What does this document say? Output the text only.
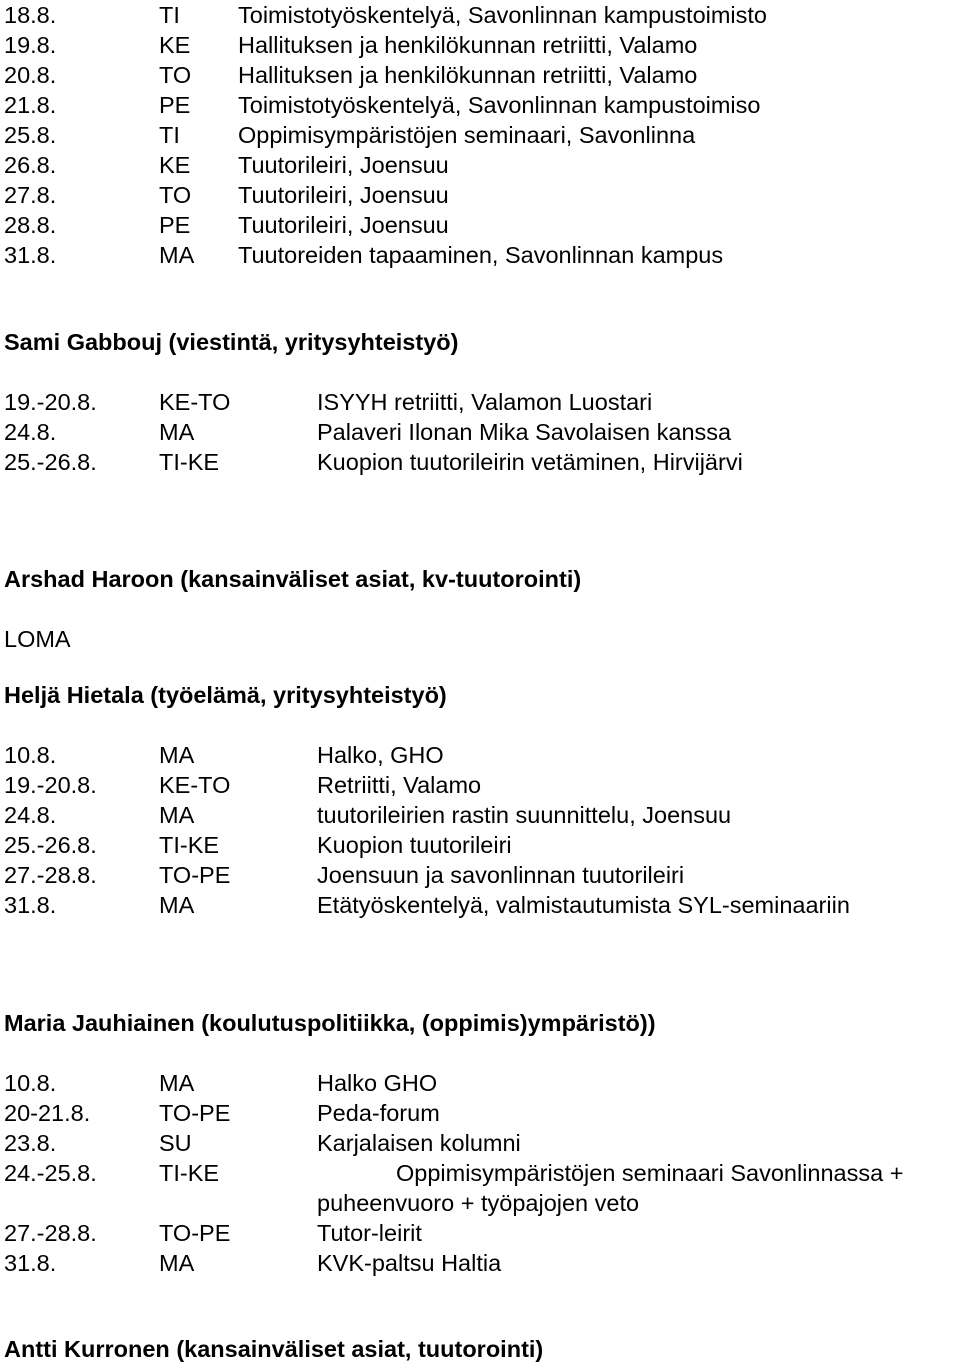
18.8.	TI Toimistotyöskentelyä, Savonlinnan kampustoimisto
19.8.	KE Hallituksen ja henkilökunnan retriitti, Valamo
20.8.	TO Hallituksen ja henkilökunnan retriitti, Valamo
21.8.	PE Toimistotyöskentelyä, Savonlinnan kampustoimiso
25.8.	TI Oppimisympäristöjen seminaari, Savonlinna
26.8.	KE Tuutorileiri, Joensuu
27.8.	TO Tuutorileiri, Joensuu
28.8.	PE Tuutorileiri, Joensuu
31.8.	MA Tuutoreiden tapaaminen, Savonlinnan kampus
Sami Gabbouj (viestintä, yritysyhteistyö)
19.-20.8.	KE-TO	ISYYH retriitti, Valamon Luostari
24.8.	MA	Palaveri Ilonan Mika Savolaisen kanssa
25.-26.8.	TI-KE	Kuopion tuutorileirin vetäminen, Hirvijärvi
Arshad Haroon (kansainväliset asiat, kv-tuutorointi)
LOMA
Heljä Hietala (työelämä, yritysyhteistyö)
10.8.	MA	Halko, GHO
19.-20.8.	KE-TO	Retriitti, Valamo
24.8.	MA	tuutorileirien rastin suunnittelu, Joensuu
25.-26.8.	TI-KE	Kuopion tuutorileiri
27.-28.8.	TO-PE	Joensuun ja savonlinnan tuutorileiri
31.8.	MA	Etätyöskentelyä, valmistautumista SYL-seminaariin
Maria Jauhiainen (koulutuspolitiikka, (oppimis)ympäristö))
10.8.	MA	Halko GHO
20-21.8.	TO-PE	Peda-forum
23.8.	SU	Karjalaisen kolumni
24.-25.8.	TI-KE	Oppimisympäristöjen seminaari Savonlinnassa +
puheenvuoro + työpajojen veto
27.-28.8.	TO-PE	Tutor-leirit
31.8.	MA	KVK-paltsu Haltia
Antti Kurronen (kansainväliset asiat, tuutorointi)
